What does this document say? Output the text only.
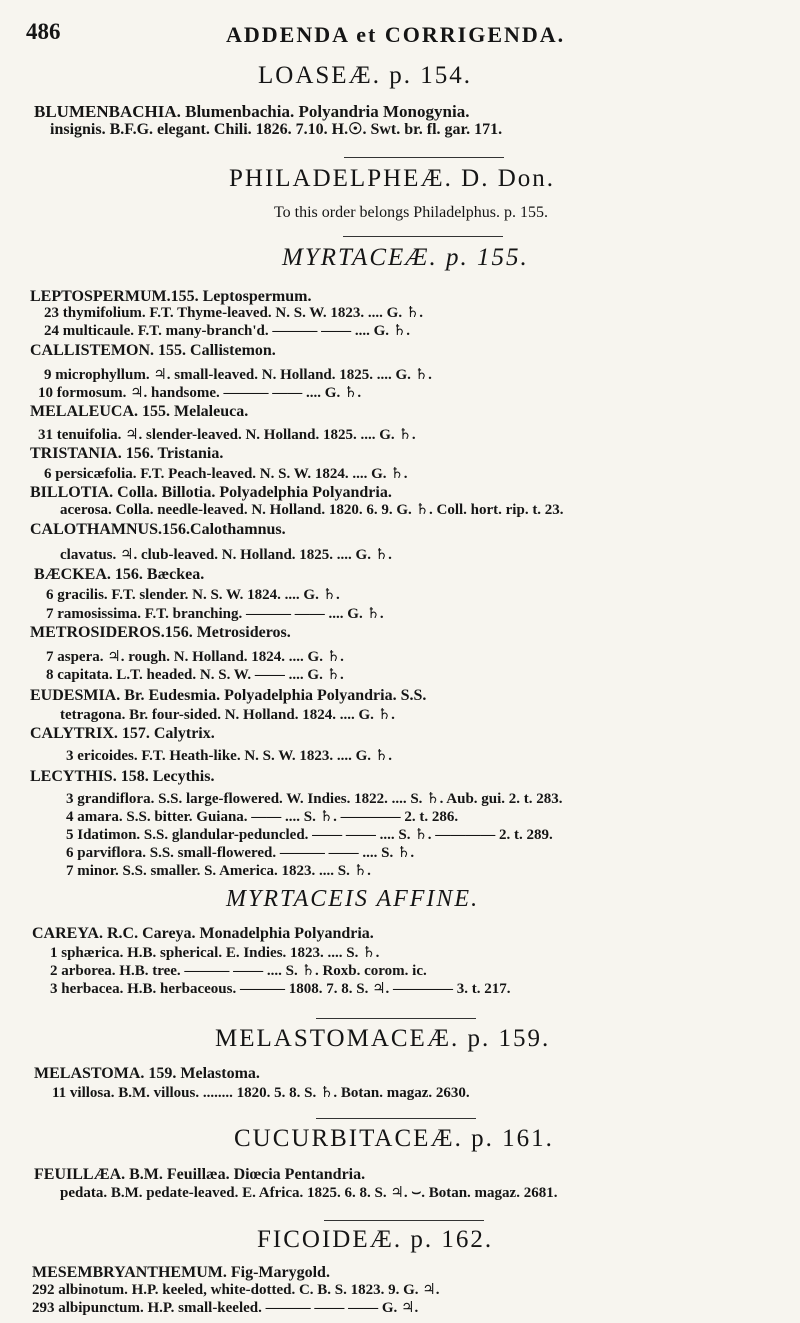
486	ADDENDA et CORRIGENDA.
LOASEÆ. p. 154.
BLUMENBACHIA. Blumenbachia. Polyandria Monogynia.
insignis. B.F.G. elegant. Chili. 1826. 7.10. H.☉. Swt. br. fl. gar. 171.
PHILADELPHEÆ. D. Don.
To this order belongs Philadelphus. p. 155.
MYRTACEÆ. p. 155.
LEPTOSPERMUM.155. Leptospermum.
23 thymifolium. F.T. Thyme-leaved. N. S. W. 1823. .... G. ♄.
24 multicaule. F.T. many-branch'd. ——— —— .... G. ♄.
CALLISTEMON. 155. Callistemon.
9 microphyllum. ♃. small-leaved. N. Holland. 1825. .... G. ♄.
10 formosum. ♃. handsome. ——— —— .... G. ♄.
MELALEUCA. 155. Melaleuca.
31 tenuifolia. ♃. slender-leaved. N. Holland. 1825. .... G. ♄.
TRISTANIA. 156. Tristania.
6 persicæfolia. F.T. Peach-leaved. N. S. W. 1824. .... G. ♄.
BILLOTIA. Colla. Billotia. Polyadelphia Polyandria.
acerosa. Colla. needle-leaved. N. Holland. 1820. 6. 9. G. ♄. Coll. hort. rip. t. 23.
CALOTHAMNUS.156.Calothamnus.
clavatus. ♃. club-leaved. N. Holland. 1825. .... G. ♄.
BÆCKEA. 156. Bæckea.
6 gracilis. F.T. slender. N. S. W. 1824. .... G. ♄.
7 ramosissima. F.T. branching. ——— —— .... G. ♄.
METROSIDEROS.156. Metrosideros.
7 aspera. ♃. rough. N. Holland. 1824. .... G. ♄.
8 capitata. L.T. headed. N. S. W. —— .... G. ♄.
EUDESMIA. Br. Eudesmia. Polyadelphia Polyandria. S.S.
tetragona. Br. four-sided. N. Holland. 1824. .... G. ♄.
CALYTRIX. 157. Calytrix.
3 ericoides. F.T. Heath-like. N. S. W. 1823. .... G. ♄.
LECYTHIS. 158. Lecythis.
3 grandiflora. S.S. large-flowered. W. Indies. 1822. .... S. ♄. Aub. gui. 2. t. 283.
4 amara. S.S. bitter. Guiana. —— .... S. ♄. ———— 2. t. 286.
5 Idatimon. S.S. glandular-peduncled. —— —— .... S. ♄. ———— 2. t. 289.
6 parviflora. S.S. small-flowered. ——— —— .... S. ♄.
7 minor. S.S. smaller. S. America. 1823. .... S. ♄.
MYRTACEIS AFFINE.
CAREYA. R.C. Careya. Monadelphia Polyandria.
1 sphærica. H.B. spherical. E. Indies. 1823. .... S. ♄.
2 arborea. H.B. tree. ——— —— .... S. ♄. Roxb. corom. ic.
3 herbacea. H.B. herbaceous. ——— 1808. 7. 8. S. ♃. ———— 3. t. 217.
MELASTOMACEÆ. p. 159.
MELASTOMA. 159. Melastoma.
11 villosa. B.M. villous. ........ 1820. 5. 8. S. ♄. Botan. magaz. 2630.
CUCURBITACEÆ. p. 161.
FEUILLÆA. B.M. Feuillæa. Diœcia Pentandria.
pedata. B.M. pedate-leaved. E. Africa. 1825. 6. 8. S. ♃. ⌣. Botan. magaz. 2681.
FICOIDEÆ. p. 162.
MESEMBRYANTHEMUM. Fig-Marygold.
292 albinotum. H.P. keeled, white-dotted. C. B. S. 1823. 9. G. ♃.
293 albipunctum. H.P. small-keeled. ——— —— —— G. ♃.
